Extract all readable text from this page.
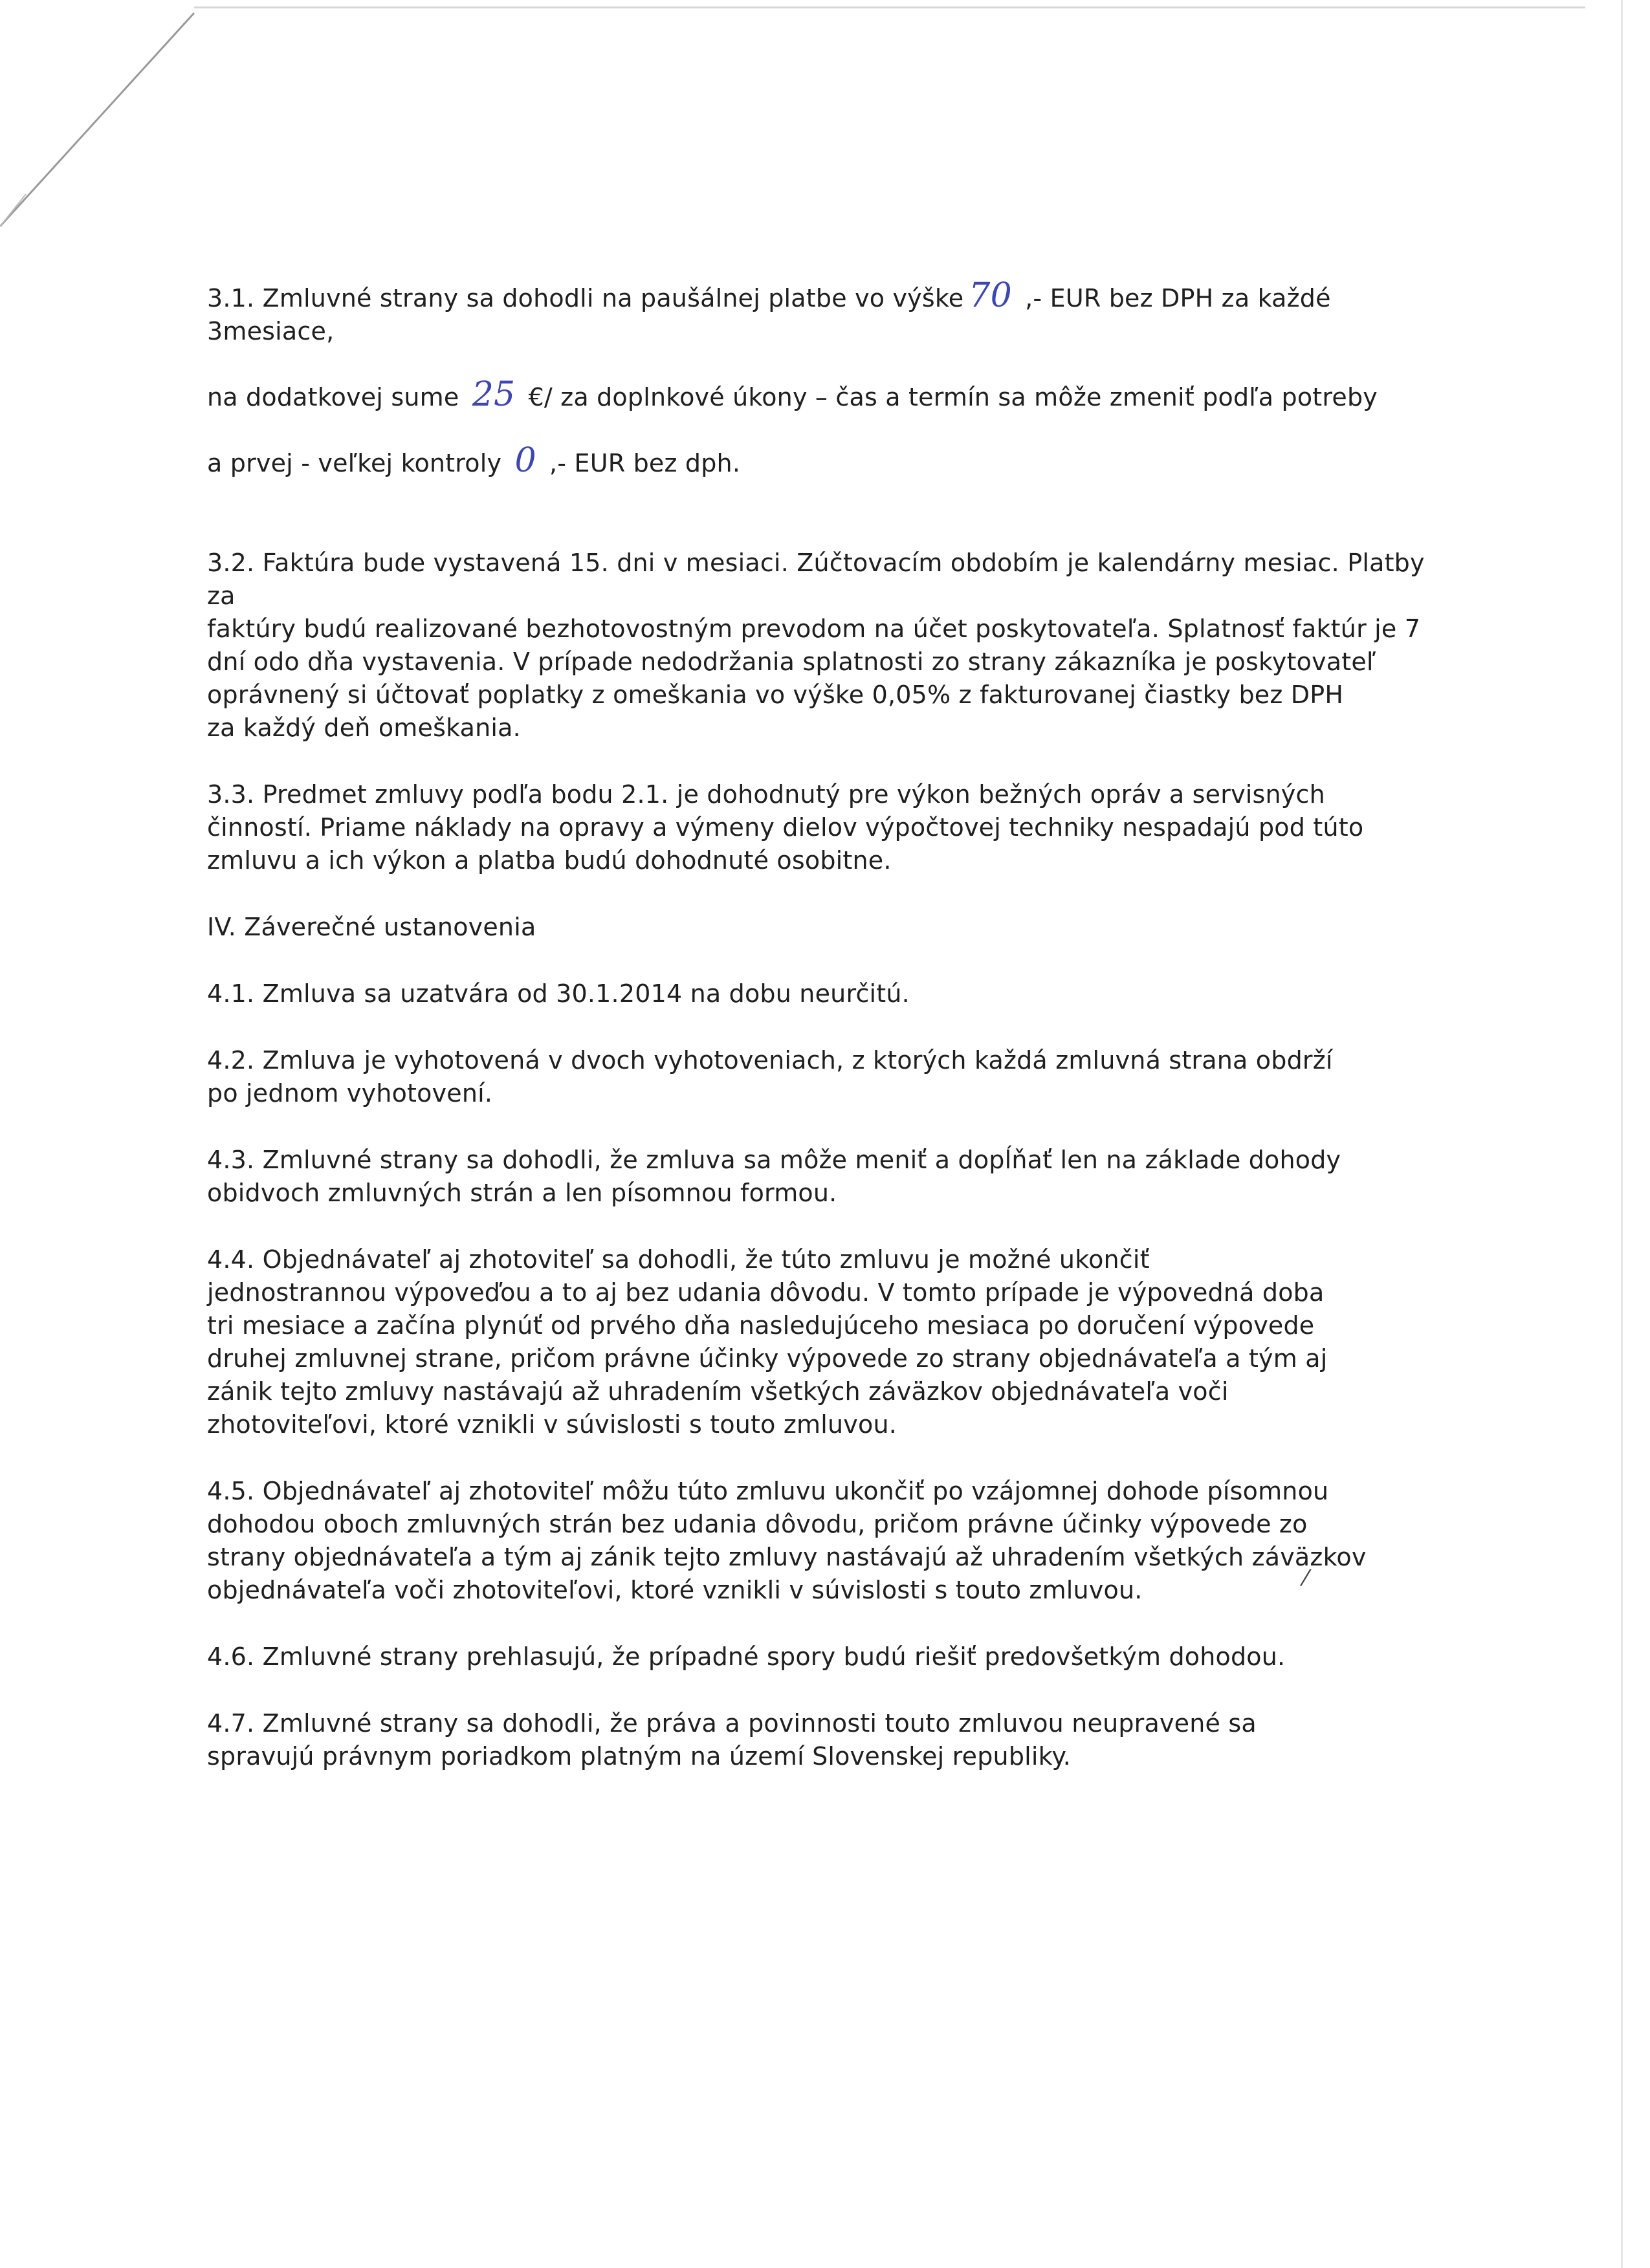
3.1. Zmluvné strany sa dohodli na paušálnej platbe vo výške 70 ,- EUR bez DPH za každé 3mesiace,

na dodatkovej sume 25 €/ za doplnkové úkony – čas a termín sa môže zmeniť podľa potreby

a prvej - veľkej kontroly 0 ,- EUR bez dph.

3.2. Faktúra bude vystavená 15. dni v mesiaci. Zúčtovacím obdobím je kalendárny mesiac. Platby za
faktúry budú realizované bezhotovostným prevodom na účet poskytovateľa. Splatnosť faktúr je 7
dní odo dňa vystavenia. V prípade nedodržania splatnosti zo strany zákazníka je poskytovateľ
oprávnený si účtovať poplatky z omeškania vo výške 0,05% z fakturovanej čiastky bez DPH
za každý deň omeškania.
3.3. Predmet zmluvy podľa bodu 2.1. je dohodnutý pre výkon bežných opráv a servisných
činností. Priame náklady na opravy a výmeny dielov výpočtovej techniky nespadajú pod túto
zmluvu a ich výkon a platba budú dohodnuté osobitne.
IV. Záverečné ustanovenia
4.1. Zmluva sa uzatvára od 30.1.2014 na dobu neurčitú.
4.2. Zmluva je vyhotovená v dvoch vyhotoveniach, z ktorých každá zmluvná strana obdrží
po jednom vyhotovení.
4.3. Zmluvné strany sa dohodli, že zmluva sa môže meniť a dopĺňať len na základe dohody
obidvoch zmluvných strán a len písomnou formou.
4.4. Objednávateľ aj zhotoviteľ sa dohodli, že túto zmluvu je možné ukončiť
jednostrannou výpoveďou a to aj bez udania dôvodu. V tomto prípade je výpovedná doba
tri mesiace a začína plynúť od prvého dňa nasledujúceho mesiaca po doručení výpovede
druhej zmluvnej strane, pričom právne účinky výpovede zo strany objednávateľa a tým aj
zánik tejto zmluvy nastávajú až uhradením všetkých záväzkov objednávateľa voči
zhotoviteľovi, ktoré vznikli v súvislosti s touto zmluvou.
4.5. Objednávateľ aj zhotoviteľ môžu túto zmluvu ukončiť po vzájomnej dohode písomnou
dohodou oboch zmluvných strán bez udania dôvodu, pričom právne účinky výpovede zo
strany objednávateľa a tým aj zánik tejto zmluvy nastávajú až uhradením všetkých záväzkov
objednávateľa voči zhotoviteľovi, ktoré vznikli v súvislosti s touto zmluvou.
4.6. Zmluvné strany prehlasujú, že prípadné spory budú riešiť predovšetkým dohodou.
4.7. Zmluvné strany sa dohodli, že práva a povinnosti touto zmluvou neupravené sa
spravujú právnym poriadkom platným na území Slovenskej republiky.
⁄
